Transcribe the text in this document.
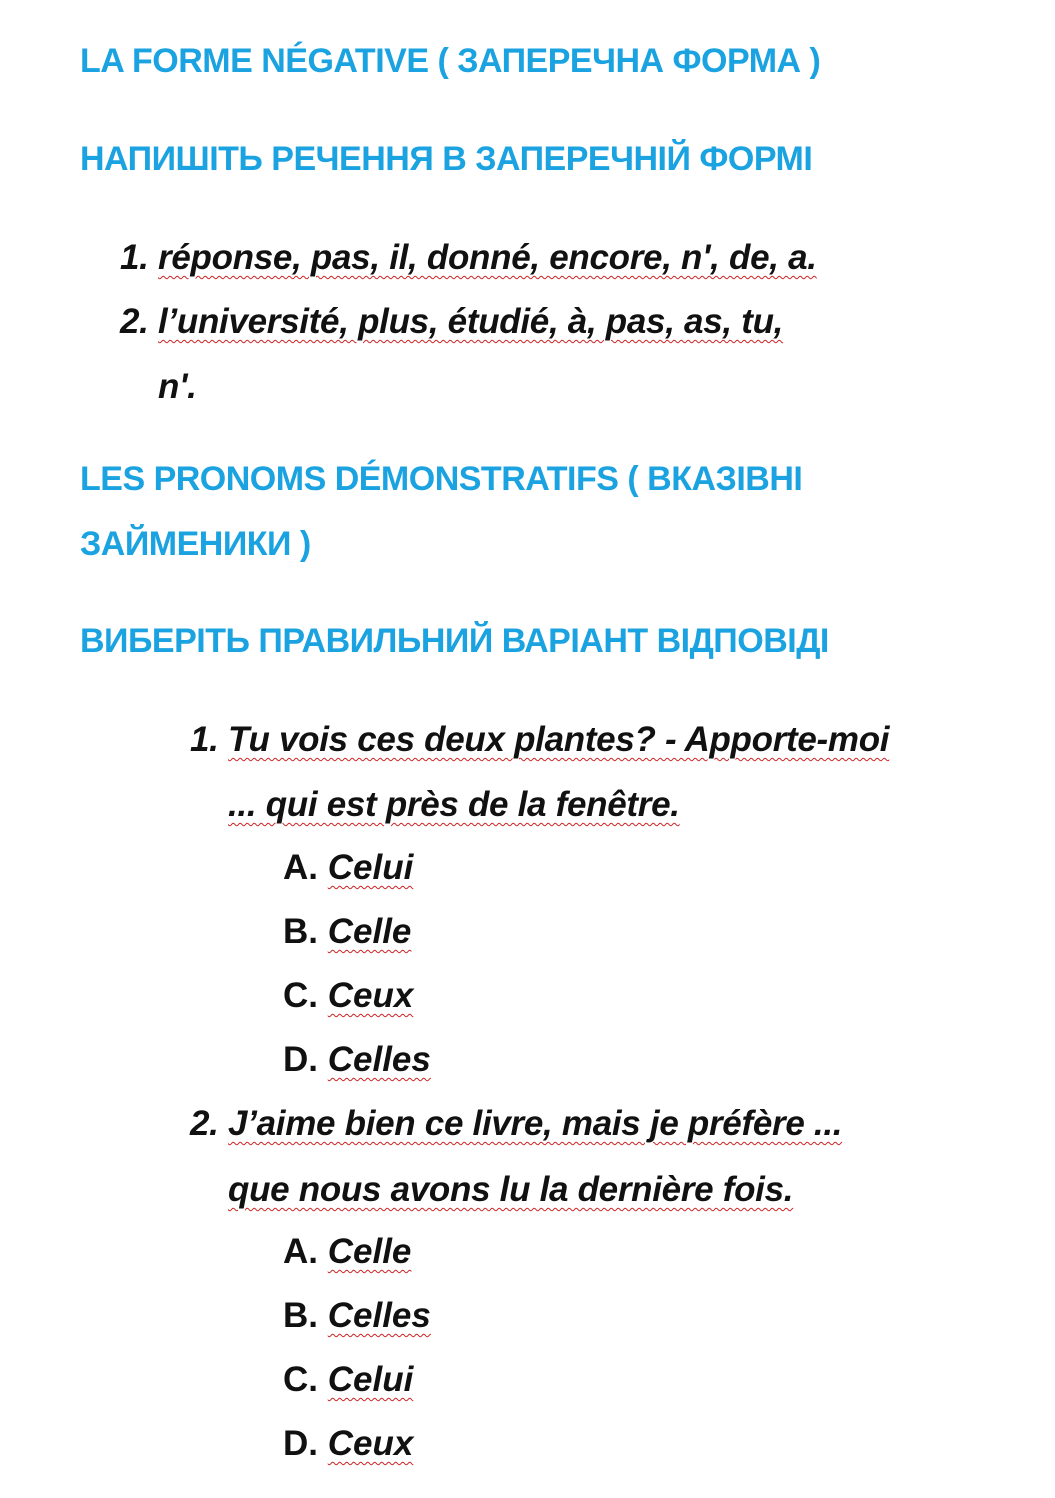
LA FORME NÉGATIVE ( ЗАПЕРЕЧНА ФОРМА )
НАПИШІТЬ РЕЧЕННЯ В ЗАПЕРЕЧНІЙ ФОРМІ
1. réponse, pas, il, donné, encore, n', de, a.
2. l’université, plus, étudié, à, pas, as, tu,
n'.
LES PRONOMS DÉMONSTRATIFS ( ВКАЗІВНІ
ЗАЙМЕНИКИ )
ВИБЕРІТЬ ПРАВИЛЬНИЙ ВАРІАНТ ВІДПОВІДІ
1. Tu vois ces deux plantes? - Apporte-moi
... qui est près de la fenêtre.
A. Celui
B. Celle
C. Ceux
D. Celles
2. J’aime bien ce livre, mais je préfère ...
que nous avons lu la dernière fois.
A. Celle
B. Celles
C. Celui
D. Ceux
